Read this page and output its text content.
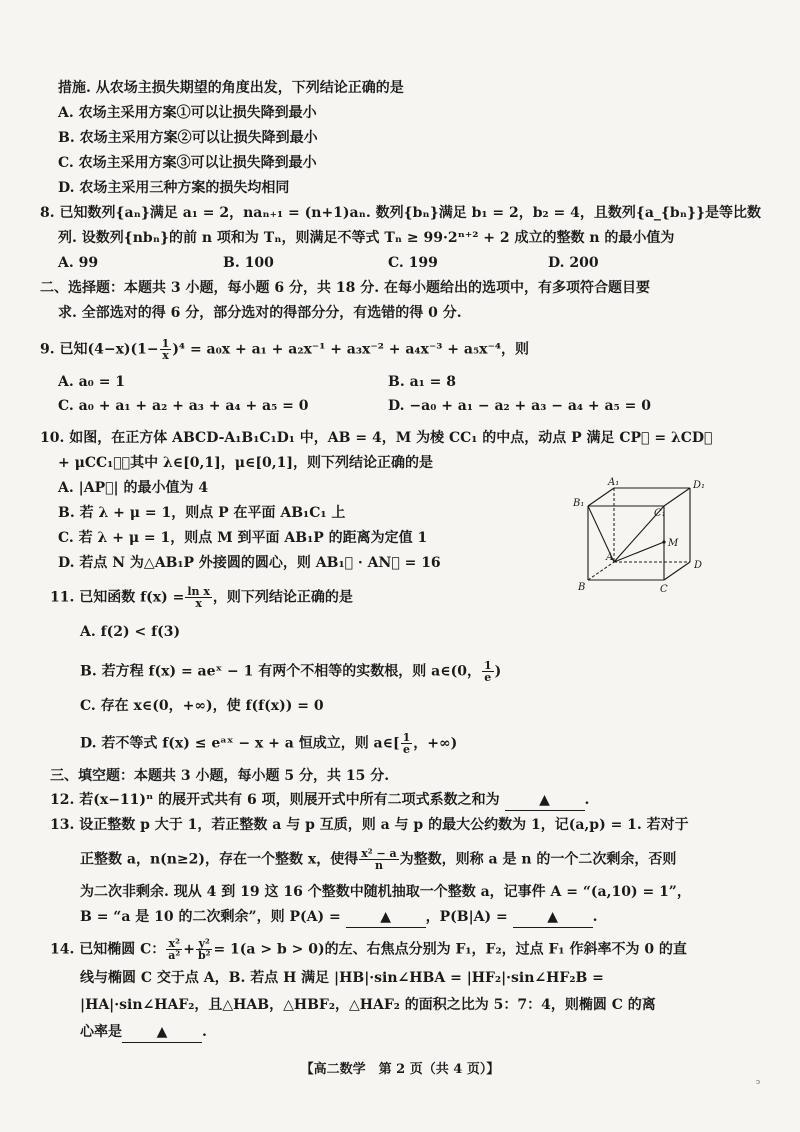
措施. 从农场主损失期望的角度出发，下列结论正确的是
A. 农场主采用方案①可以让损失降到最小
B. 农场主采用方案②可以让损失降到最小
C. 农场主采用方案③可以让损失降到最小
D. 农场主采用三种方案的损失均相同
8. 已知数列{aₙ}满足 a₁ = 2，naₙ₊₁ = (n+1)aₙ. 数列{bₙ}满足 b₁ = 2，b₂ = 4，且数列{a_{bₙ}}是等比数
列. 设数列{nbₙ}的前 n 项和为 Tₙ，则满足不等式 Tₙ ≥ 99·2ⁿ⁺² + 2 成立的整数 n 的最小值为
A. 99	B. 100	C. 199	D. 200
二、选择题：本题共 3 小题，每小题 6 分，共 18 分. 在每小题给出的选项中，有多项符合题目要
求. 全部选对的得 6 分，部分选对的得部分分，有选错的得 0 分.
9. 已知$(4-x)(1- \frac{1}{x} )^4 = a_0x + a_1 + a_2x^{-1} + a_3x^{-2} + a_4x^{-3} + a_5x^{-4}$，则
A. a₀ = 1	B. a₁ = 8
C. a₀ + a₁ + a₂ + a₃ + a₄ + a₅ = 0	D. −a₀ + a₁ − a₂ + a₃ − a₄ + a₅ = 0
10. 如图，在正方体 ABCD-A₁B₁C₁D₁ 中，AB = 4，M 为棱 CC₁ 的中点，动点 P 满足 CP⃗ = λCD⃗
+ μCC₁⃗，其中 λ∈[0,1]，μ∈[0,1]，则下列结论正确的是
A. |AP⃗| 的最小值为 4
B. 若 λ + μ = 1，则点 P 在平面 AB₁C₁ 上
C. 若 λ + μ = 1，则点 M 到平面 AB₁P 的距离为定值 1
D. 若点 N 为△AB₁P 外接圆的圆心，则 AB₁⃗ · AN⃗ = 16
A₁	D₁
B₁
C₁
A
B	C
D
M
11. 已知函数 $f(x) = \frac{\text{ln x}}{x}$ ，则下列结论正确的是
A. f(2) < f(3)
B. 若方程 f(x) = aeˣ − 1 有两个不相等的实数根，则 a∈(0， $\frac{1}{e}$ )
C. 存在 x∈(0，+∞)，使 f(f(x)) = 0
D. 若不等式 f(x) ≤ eᵃˣ − x + a 恒成立，则 a∈[ $\frac{1}{e}$ ，+∞)
三、填空题：本题共 3 小题，每小题 5 分，共 15 分.
12. 若(x−11)ⁿ 的展开式共有 6 项，则展开式中所有二项式系数之和为	▲ .
13. 设正整数 p 大于 1，若正整数 a 与 p 互质，则 a 与 p 的最大公约数为 1，记(a,p) = 1. 若对于
正整数 a，n(n≥2)，存在一个整数 x，使得 $\frac{\text{x² − a}}{n}$ 为整数，则称 a 是 n 的一个二次剩余，否则
为二次非剩余. 现从 4 到 19 这 16 个整数中随机抽取一个整数 a，记事件 A = “(a,10) = 1”，
B = “a 是 10 的二次剩余”，则 P(A) =	▲ ，P(B|A) =	▲ .
14. 已知椭圆 C： $\frac{\text{x²}}{\text{a²}} + \frac{\text{y²}}{\text{b²}} = 1(a > b > 0)$的左、右焦点分别为 F₁，F₂，过点 F₁ 作斜率不为 0 的直
线与椭圆 C 交于点 A，B. 若点 H 满足 |HB|·sin∠HBA = |HF₂|·sin∠HF₂B =
|HA|·sin∠HAF₂，且△HAB，△HBF₂，△HAF₂ 的面积之比为 5：7：4，则椭圆 C 的离
心率是 ▲ .
【高二数学　第 2 页（共 4 页）】
ↄ
